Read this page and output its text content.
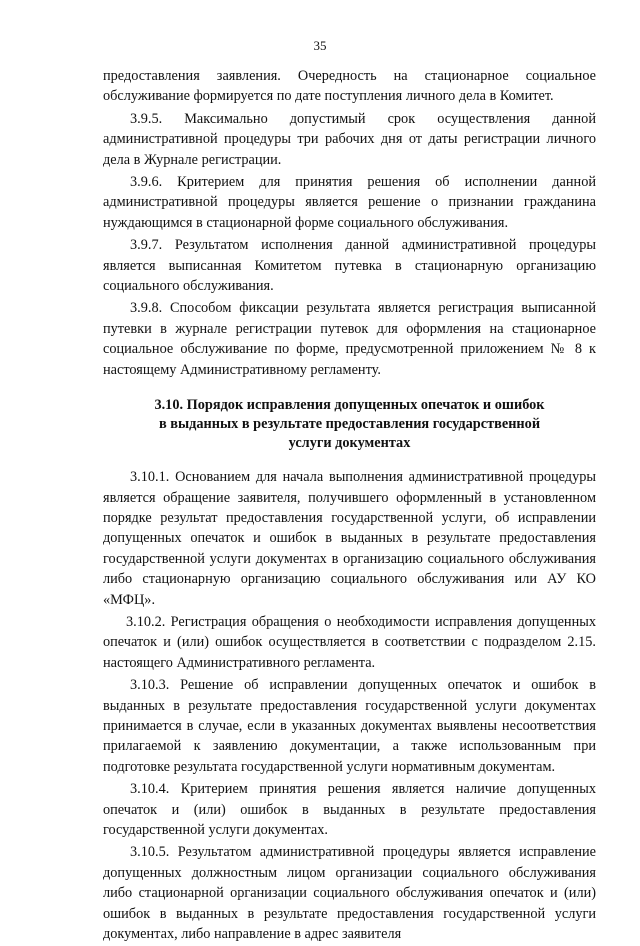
35

предоставления заявления. Очередность на стационарное социальное обслуживание формируется по дате поступления личного дела в Комитет.

3.9.5. Максимально допустимый срок осуществления данной административной процедуры три рабочих дня от даты регистрации личного дела в Журнале регистрации.

3.9.6. Критерием для принятия решения об исполнении данной административной процедуры является решение о признании гражданина нуждающимся в стационарной форме социального обслуживания.

3.9.7. Результатом исполнения данной административной процедуры является выписанная Комитетом путевка в стационарную организацию социального обслуживания.

3.9.8. Способом фиксации результата является регистрация выписанной путевки в журнале регистрации путевок для оформления на стационарное социальное обслуживание по форме, предусмотренной приложением № 8 к настоящему Административному регламенту.

3.10. Порядок исправления допущенных опечаток и ошибок
в выданных в результате предоставления государственной
услуги документах

3.10.1. Основанием для начала выполнения административной процедуры является обращение заявителя, получившего оформленный в установленном порядке результат предоставления государственной услуги, об исправлении допущенных опечаток и ошибок в выданных в результате предоставления государственной услуги документах в организацию социального обслуживания либо стационарную организацию социального обслуживания или АУ КО «МФЦ».

3.10.2. Регистрация обращения о необходимости исправления допущенных опечаток и (или) ошибок осуществляется в соответствии с подразделом 2.15. настоящего Административного регламента.

3.10.3. Решение об исправлении допущенных опечаток и ошибок в выданных в результате предоставления государственной услуги документах принимается в случае, если в указанных документах выявлены несоответствия прилагаемой к заявлению документации, а также использованным при подготовке результата государственной услуги нормативным документам.

3.10.4. Критерием принятия решения является наличие допущенных опечаток и (или) ошибок в выданных в результате предоставления государственной услуги документах.

3.10.5. Результатом административной процедуры является исправление допущенных должностным лицом организации социального обслуживания либо стационарной организации социального обслуживания опечаток и (или) ошибок в выданных в результате предоставления государственной услуги документах, либо направление в адрес заявителя
